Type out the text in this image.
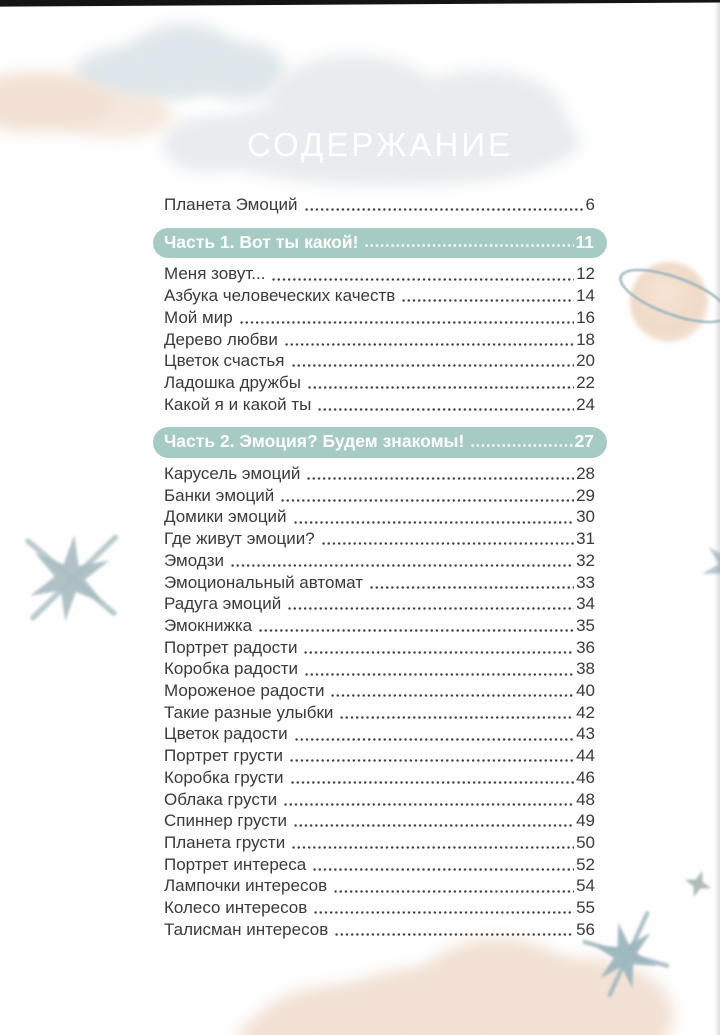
СОДЕРЖАНИЕ
Планета Эмоций	6
Часть 1. Вот ты какой!	11
Меня зовут...	12
Азбука человеческих качеств	14
Мой мир	16
Дерево любви	18
Цветок счастья	20
Ладошка дружбы	22
Какой я и какой ты	24
Часть 2. Эмоция? Будем знакомы!	27
Карусель эмоций	28
Банки эмоций	29
Домики эмоций	30
Где живут эмоции?	31
Эмодзи	32
Эмоциональный автомат	33
Радуга эмоций	34
Эмокнижка	35
Портрет радости	36
Коробка радости	38
Мороженое радости	40
Такие разные улыбки	42
Цветок радости	43
Портрет грусти	44
Коробка грусти	46
Облака грусти	48
Спиннер грусти	49
Планета грусти	50
Портрет интереса	52
Лампочки интересов	54
Колесо интересов	55
Талисман интересов	56
